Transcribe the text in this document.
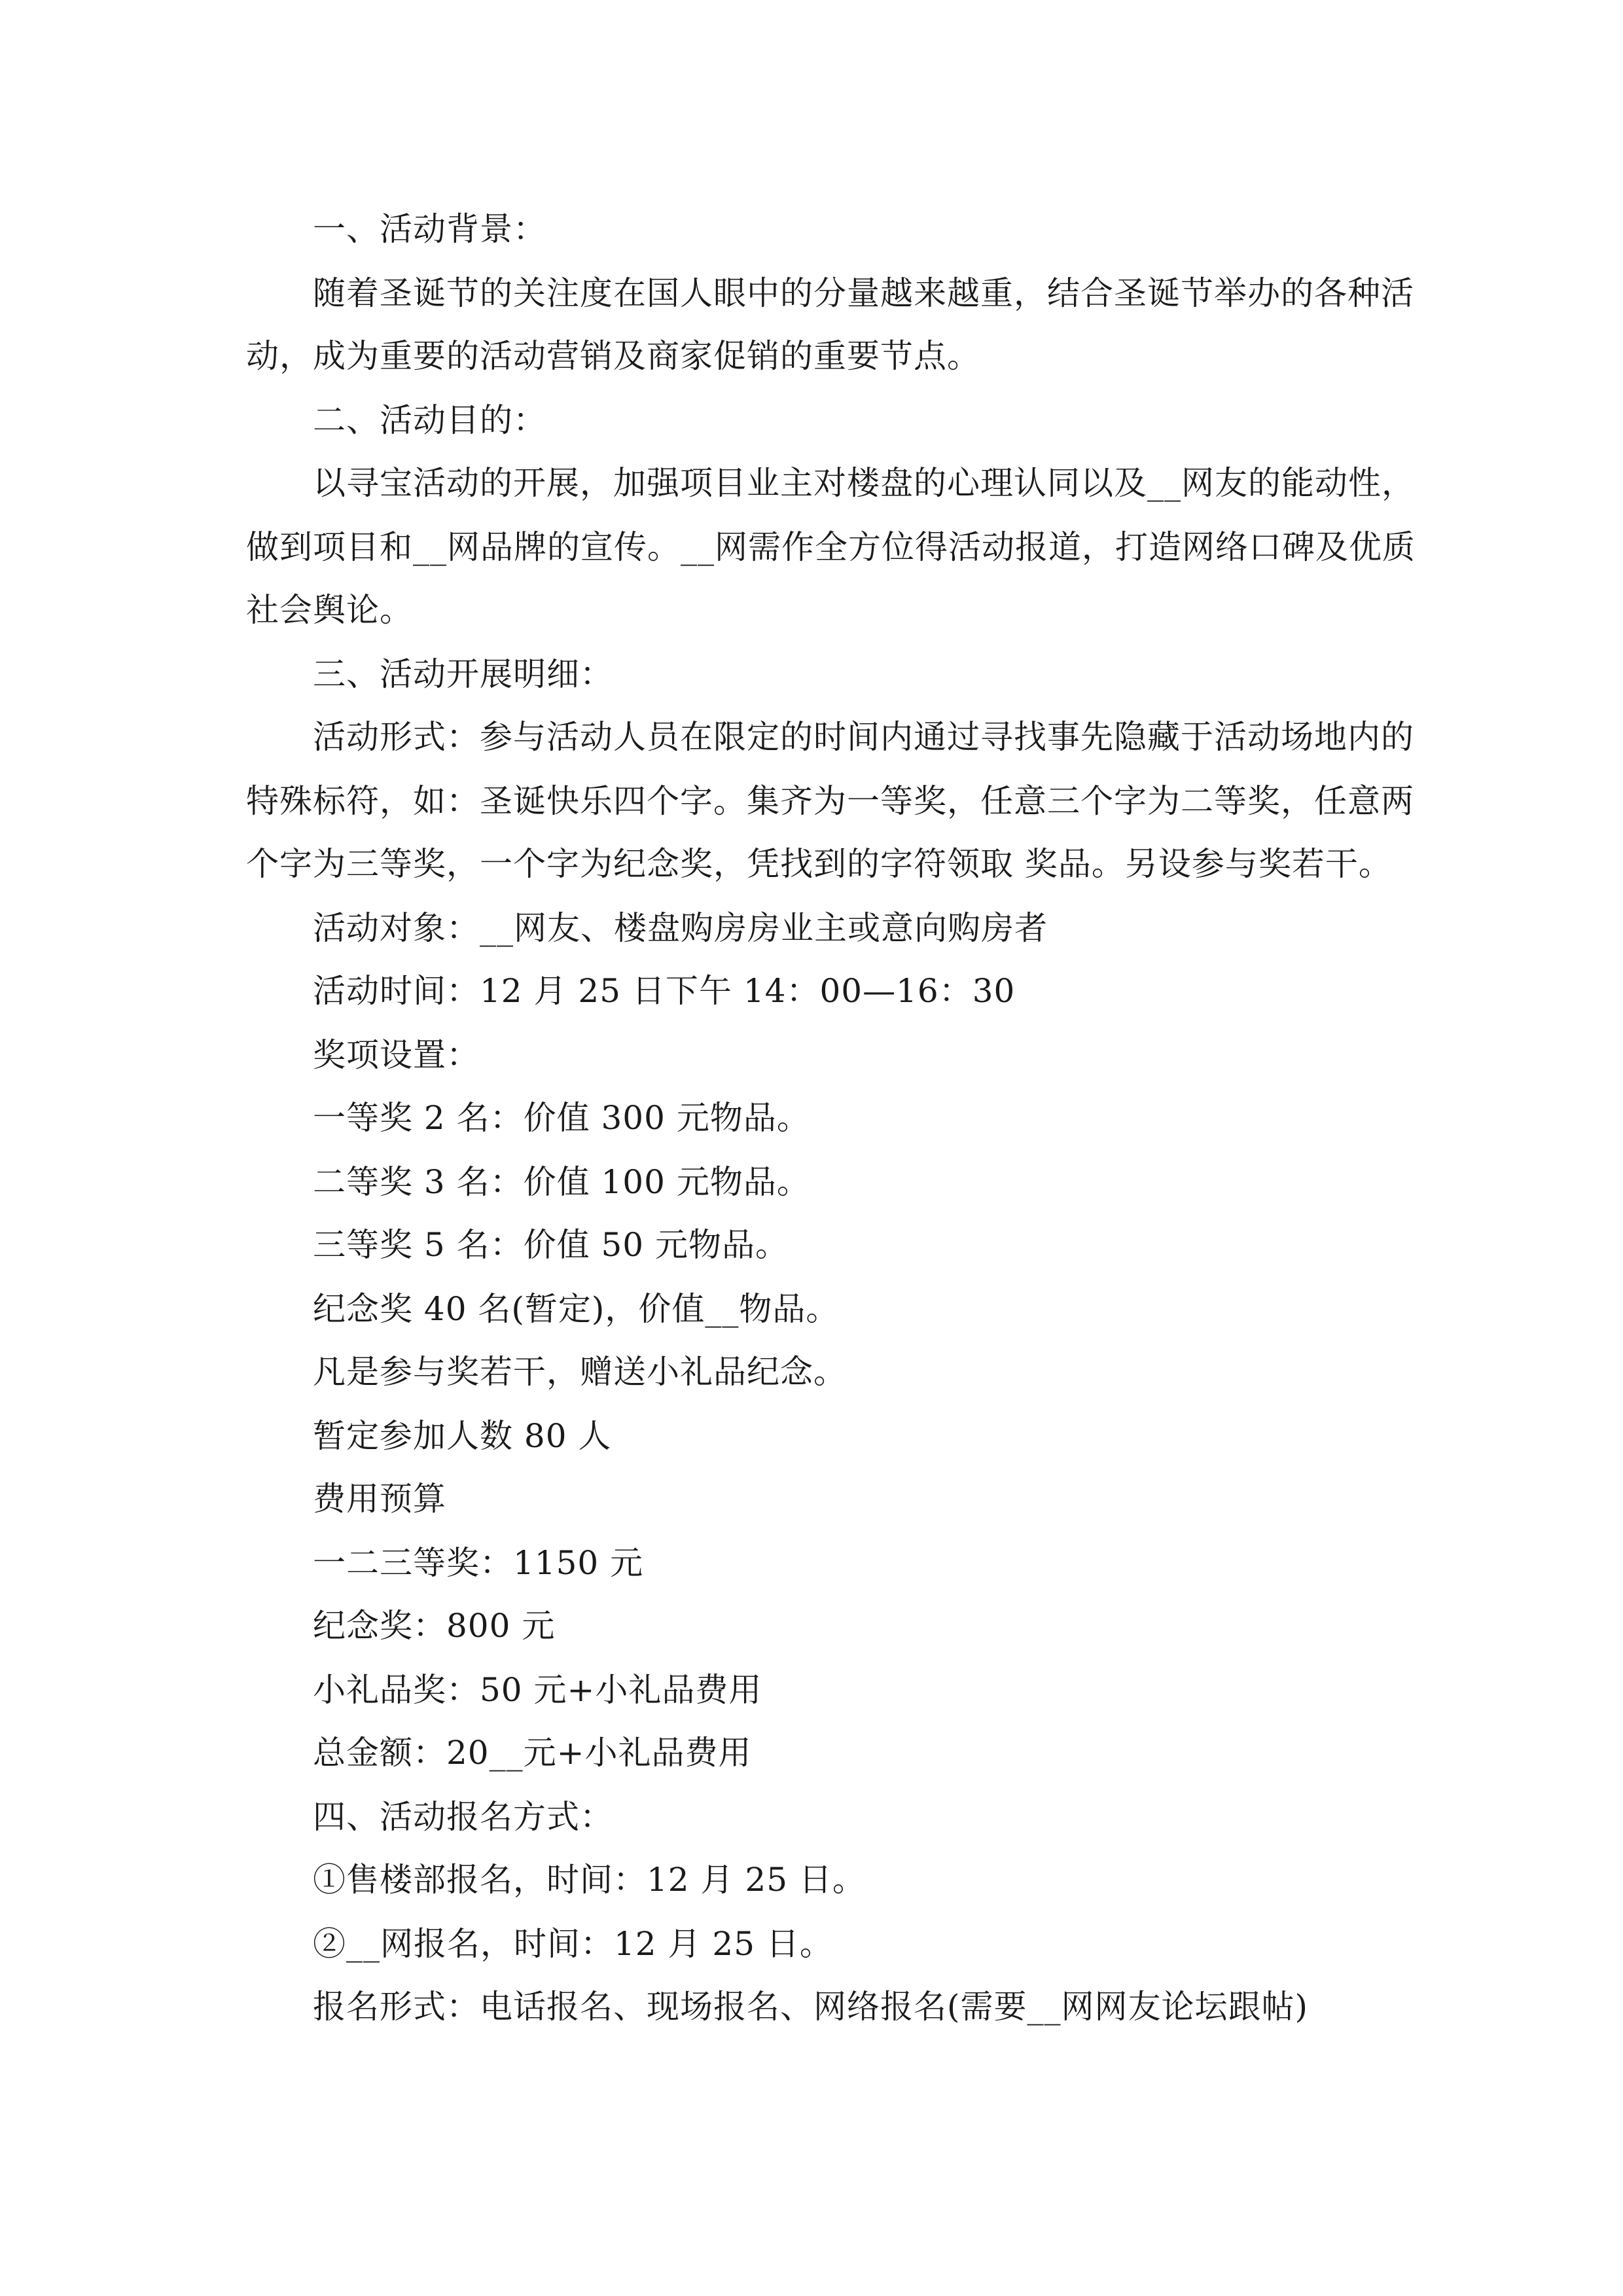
一、活动背景：
随着圣诞节的关注度在国人眼中的分量越来越重，结合圣诞节举办的各种活
动，成为重要的活动营销及商家促销的重要节点。
二、活动目的：
以寻宝活动的开展，加强项目业主对楼盘的心理认同以及__网友的能动性，
做到项目和__网品牌的宣传。__网需作全方位得活动报道，打造网络口碑及优质
社会舆论。
三、活动开展明细：
活动形式：参与活动人员在限定的时间内通过寻找事先隐藏于活动场地内的
特殊标符，如：圣诞快乐四个字。集齐为一等奖，任意三个字为二等奖，任意两
个字为三等奖，一个字为纪念奖，凭找到的字符领取 奖品。另设参与奖若干。
活动对象：__网友、楼盘购房房业主或意向购房者
活动时间：12 月 25 日下午 14：00—16：30
奖项设置：
一等奖 2 名：价值 300 元物品。
二等奖 3 名：价值 100 元物品。
三等奖 5 名：价值 50 元物品。
纪念奖 40 名(暂定)，价值__物品。
凡是参与奖若干，赠送小礼品纪念。
暂定参加人数 80 人
费用预算
一二三等奖：1150 元
纪念奖：800 元
小礼品奖：50 元+小礼品费用
总金额：20__元+小礼品费用
四、活动报名方式：
①售楼部报名，时间：12 月 25 日。
②__网报名，时间：12 月 25 日。
报名形式：电话报名、现场报名、网络报名(需要__网网友论坛跟帖)
